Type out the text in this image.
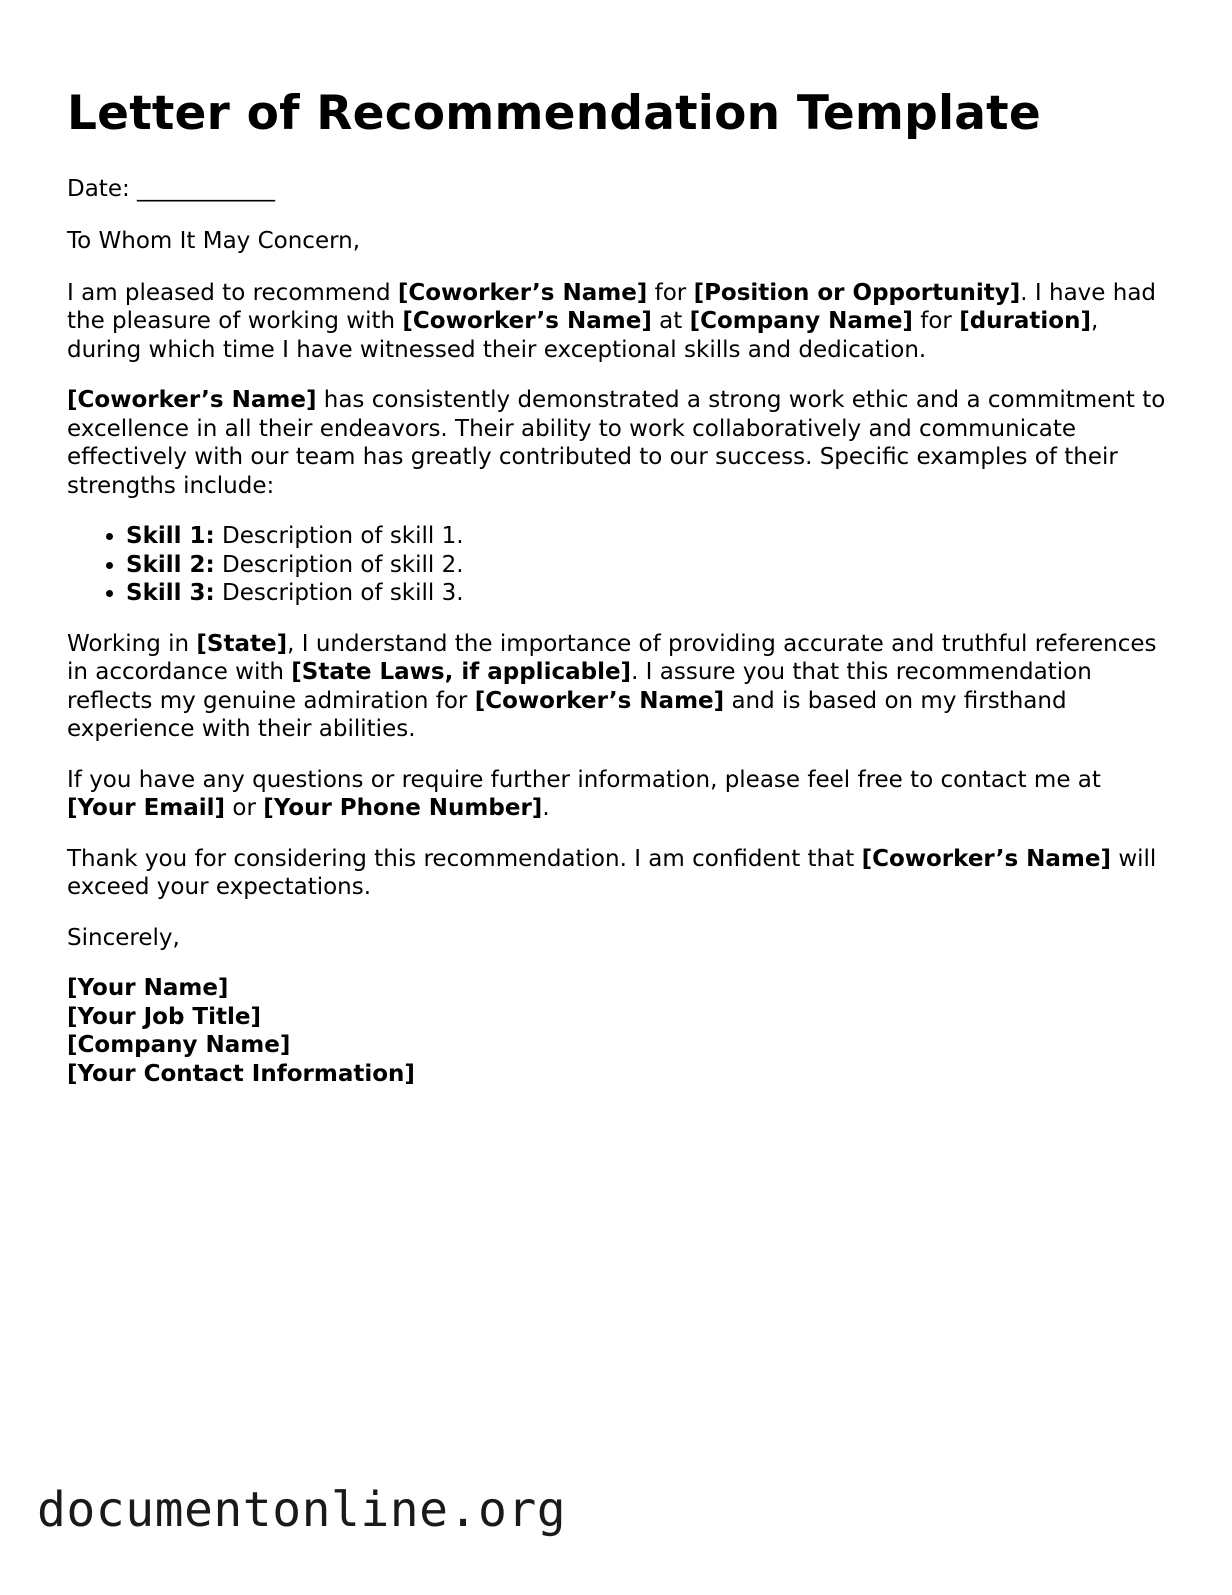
Letter of Recommendation Template
Date: ____________

To Whom It May Concern,

I am pleased to recommend [Coworker’s Name] for [Position or Opportunity]. I have had the pleasure of working with [Coworker’s Name] at [Company Name] for [duration], during which time I have witnessed their exceptional skills and dedication.

[Coworker’s Name] has consistently demonstrated a strong work ethic and a commitment to excellence in all their endeavors. Their ability to work collaboratively and communicate effectively with our team has greatly contributed to our success. Specific examples of their strengths include:

• Skill 1: Description of skill 1.
• Skill 2: Description of skill 2.
• Skill 3: Description of skill 3.

Working in [State], I understand the importance of providing accurate and truthful references in accordance with [State Laws, if applicable]. I assure you that this recommendation reflects my genuine admiration for [Coworker’s Name] and is based on my firsthand experience with their abilities.

If you have any questions or require further information, please feel free to contact me at [Your Email] or [Your Phone Number].

Thank you for considering this recommendation. I am confident that [Coworker’s Name] will exceed your expectations.

Sincerely,

[Your Name]
[Your Job Title]
[Company Name]
[Your Contact Information]
documentonline.org
